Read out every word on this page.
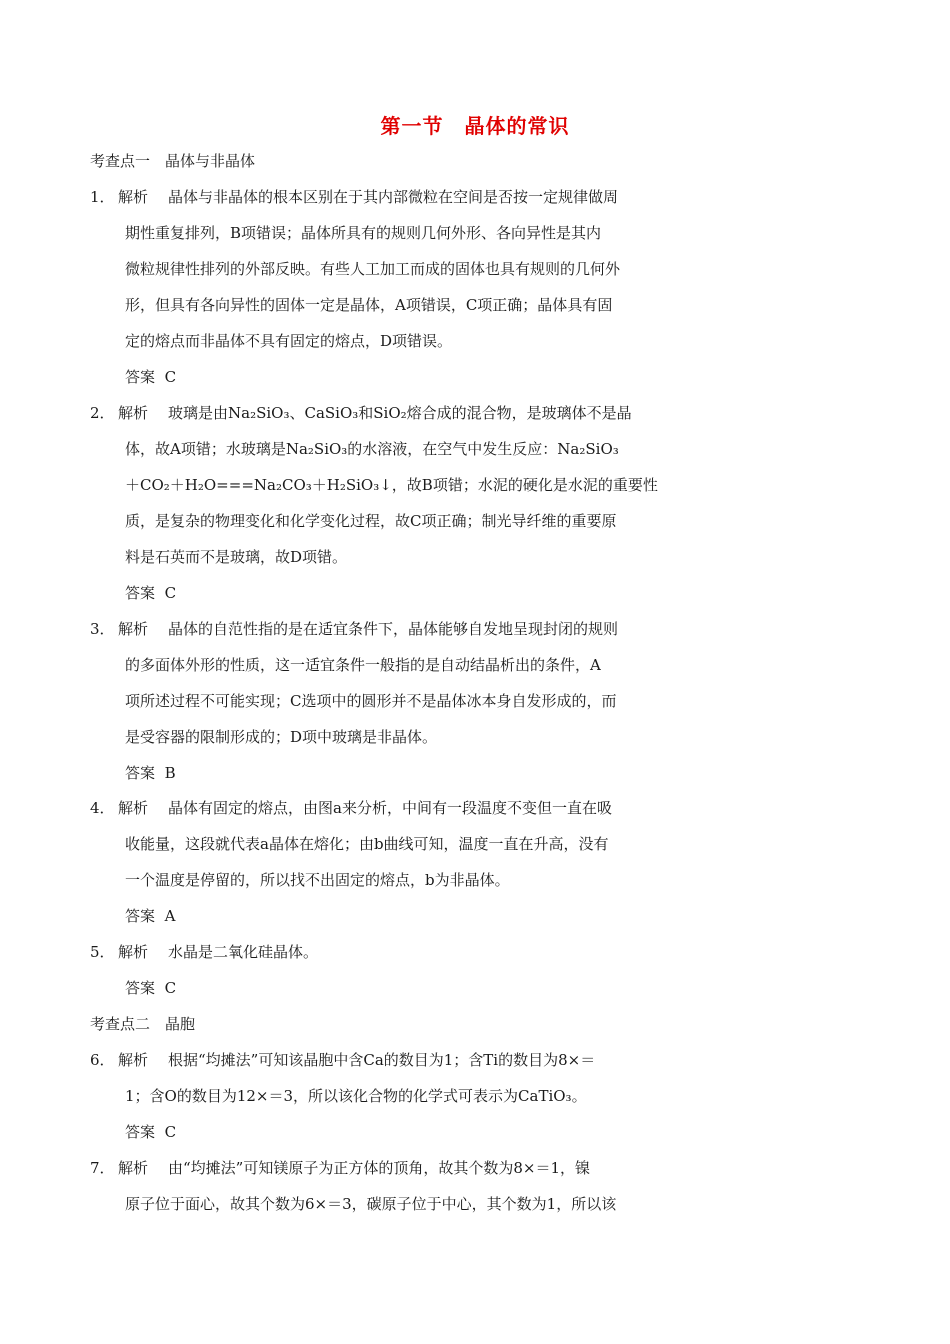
第一节　晶体的常识
考查点一　晶体与非晶体
1． 解析 晶体与非晶体的根本区别在于其内部微粒在空间是否按一定规律做周
期性重复排列，B项错误；晶体所具有的规则几何外形、各向异性是其内
微粒规律性排列的外部反映。有些人工加工而成的固体也具有规则的几何外
形，但具有各向异性的固体一定是晶体，A项错误，C项正确；晶体具有固
定的熔点而非晶体不具有固定的熔点，D项错误。
答案 C
2． 解析 玻璃是由Na₂SiO₃、CaSiO₃和SiO₂熔合成的混合物，是玻璃体不是晶
体，故A项错；水玻璃是Na₂SiO₃的水溶液，在空气中发生反应：Na₂SiO₃
＋CO₂＋H₂O===Na₂CO₃＋H₂SiO₃↓，故B项错；水泥的硬化是水泥的重要性
质，是复杂的物理变化和化学变化过程，故C项正确；制光导纤维的重要原
料是石英而不是玻璃，故D项错。
答案 C
3． 解析 晶体的自范性指的是在适宜条件下，晶体能够自发地呈现封闭的规则
的多面体外形的性质，这一适宜条件一般指的是自动结晶析出的条件，A
项所述过程不可能实现；C选项中的圆形并不是晶体冰本身自发形成的，而
是受容器的限制形成的；D项中玻璃是非晶体。
答案 B
4． 解析 晶体有固定的熔点，由图a来分析，中间有一段温度不变但一直在吸
收能量，这段就代表a晶体在熔化；由b曲线可知，温度一直在升高，没有
一个温度是停留的，所以找不出固定的熔点，b为非晶体。
答案 A
5． 解析 水晶是二氧化硅晶体。
答案 C
考查点二　晶胞
6． 解析 根据“均摊法”可知该晶胞中含Ca的数目为1；含Ti的数目为8×＝
1；含O的数目为12×＝3，所以该化合物的化学式可表示为CaTiO₃。
答案 C
7． 解析 由“均摊法”可知镁原子为正方体的顶角，故其个数为8×＝1，镍
原子位于面心，故其个数为6×＝3，碳原子位于中心，其个数为1，所以该
